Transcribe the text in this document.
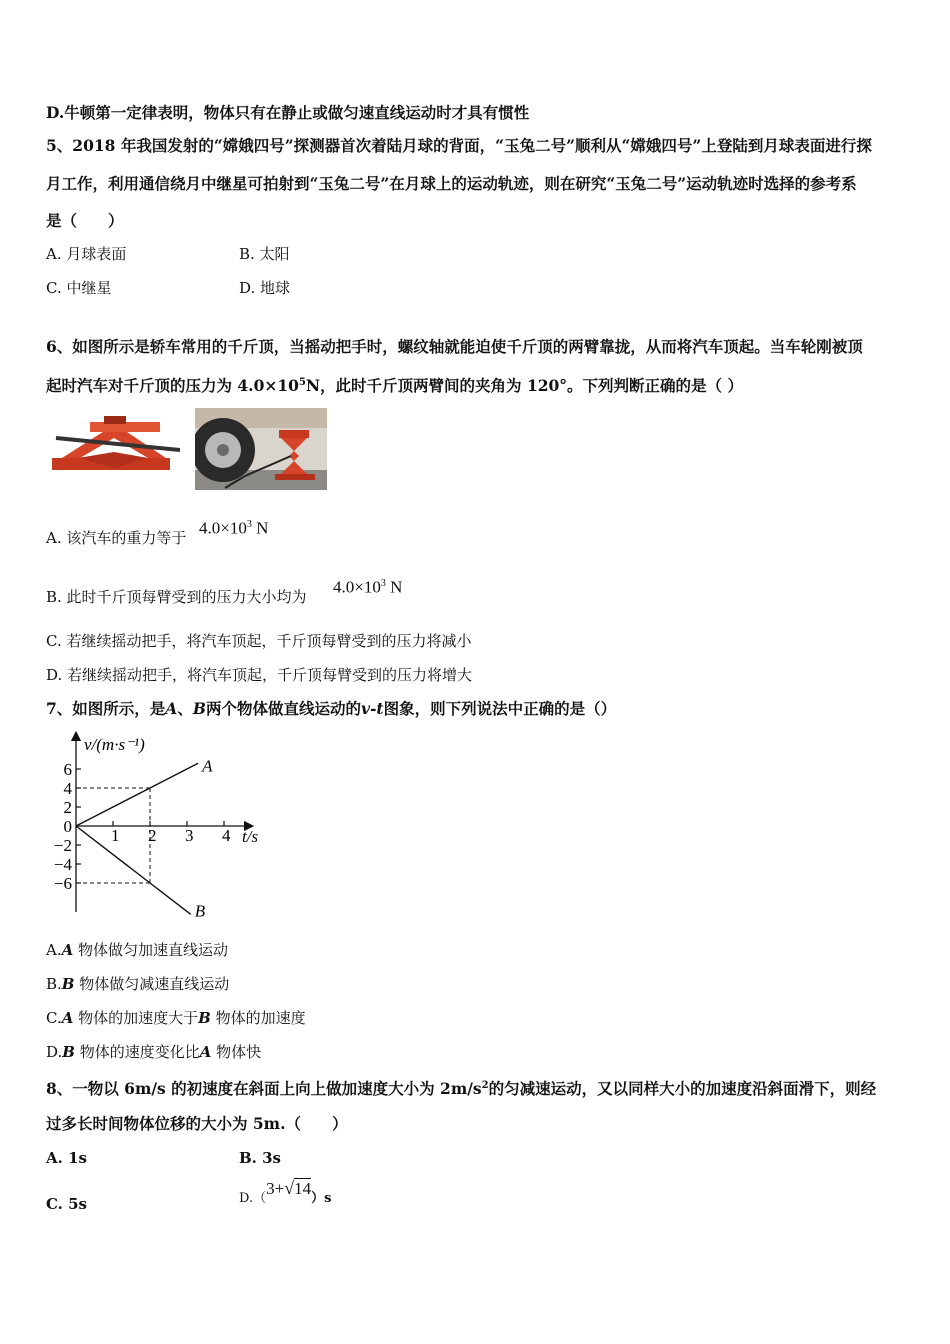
D.牛顿第一定律表明，物体只有在静止或做匀速直线运动时才具有惯性
5、2018 年我国发射的“嫦娥四号”探测器首次着陆月球的背面，“玉兔二号”顺利从“嫦娥四号”上登陆到月球表面进行探
月工作，利用通信绕月中继星可拍射到“玉兔二号”在月球上的运动轨迹，则在研究“玉兔二号”运动轨迹时选择的参考系
是（　　）
A. 月球表面	B. 太阳
C. 中继星	D. 地球
6、如图所示是轿车常用的千斤顶，当摇动把手时，螺纹轴就能迫使千斤顶的两臂靠拢，从而将汽车顶起。当车轮刚被顶
起时汽车对千斤顶的压力为 $4.0\times 10^5N$，此时千斤顶两臂间的夹角为 120°。下列判断正确的是（ ）
A. 该汽车的重力等于
$4.0\times 10^3$ N
B. 此时千斤顶每臂受到的压力大小均为
$4.0\times 10^3$ N
C. 若继续摇动把手，将汽车顶起，千斤顶每臂受到的压力将减小
D. 若继续摇动把手，将汽车顶起，千斤顶每臂受到的压力将增大
7、如图所示，是A、B两个物体做直线运动的v-t图象，则下列说法中正确的是（）
1 2 3 4
6
4
2
0
−2
−4
−6
A
B
v/(m·s⁻¹)
t/s
A.A 物体做匀加速直线运动
B.B 物体做匀减速直线运动
C.A 物体的加速度大于B 物体的加速度
D.B 物体的速度变化比A 物体快
8、一物以 6m/s 的初速度在斜面上向上做加速度大小为 $2m/s^2$的匀减速运动，又以同样大小的加速度沿斜面滑下，则经
过多长时间物体位移的大小为 5m.（　　）
A. 1s	B. 3s
C. 5s	D.（3+√14）s
